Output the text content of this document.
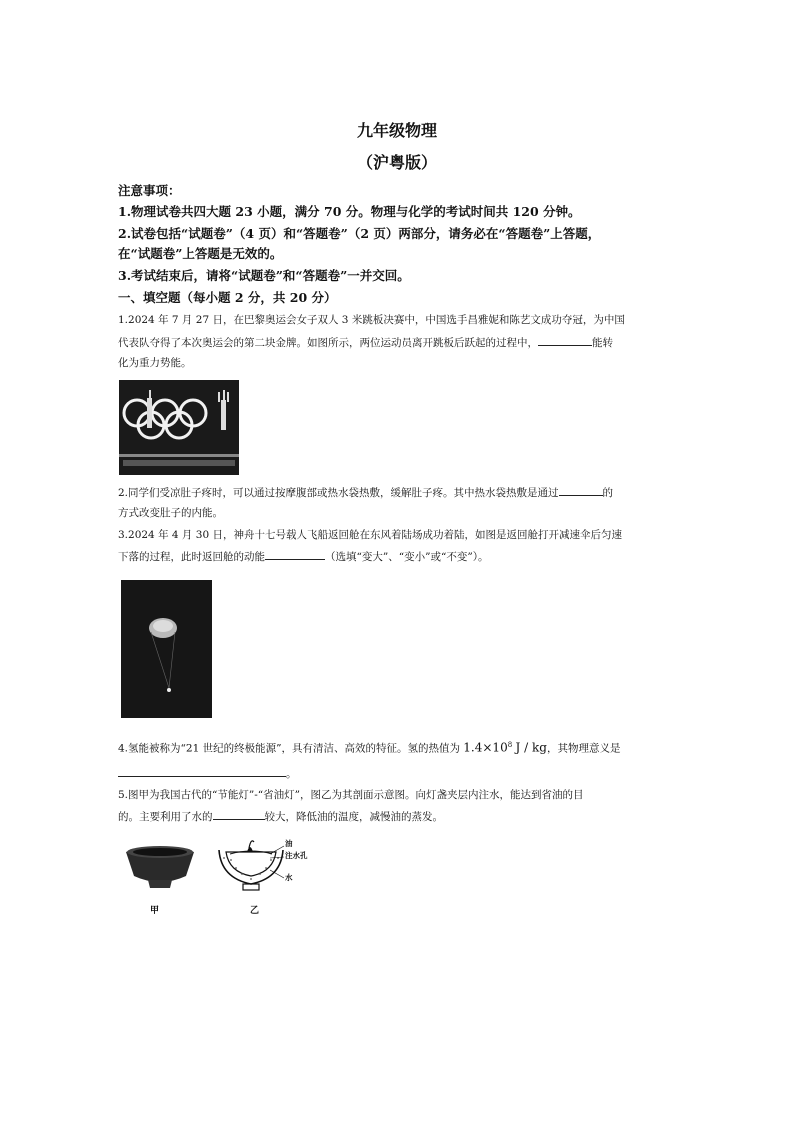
九年级物理
（沪粤版）
注意事项：
1.物理试卷共四大题 23 小题，满分 70 分。物理与化学的考试时间共 120 分钟。
2.试卷包括“试题卷”（4 页）和“答题卷”（2 页）两部分，请务必在“答题卷”上答题，
在“试题卷”上答题是无效的。
3.考试结束后，请将“试题卷”和“答题卷”一并交回。
一、填空题（每小题 2 分，共 20 分）
1.2024 年 7 月 27 日，在巴黎奥运会女子双人 3 米跳板决赛中，中国选手昌雅妮和陈艺文成功夺冠，为中国
代表队夺得了本次奥运会的第二块金牌。如图所示，两位运动员离开跳板后跃起的过程中，	能转
化为重力势能。
2.同学们受凉肚子疼时，可以通过按摩腹部或热水袋热敷，缓解肚子疼。其中热水袋热敷是通过	的
方式改变肚子的内能。
3.2024 年 4 月 30 日，神舟十七号载人飞船返回舱在东风着陆场成功着陆，如图是返回舱打开减速伞后匀速
下落的过程，此时返回舱的动能	（选填“变大”、“变小”或“不变”）。
4.氢能被称为“21 世纪的终极能源”，具有清洁、高效的特征。氢的热值为 $1.4\times 10^8$ J / kg，其物理意义是
。
5.图甲为我国古代的“节能灯”-“省油灯”，图乙为其剖面示意图。向灯盏夹层内注水，能达到省油的目
的。主要利用了水的	较大，降低油的温度，减慢油的蒸发。
甲
油
注水孔
水
乙
